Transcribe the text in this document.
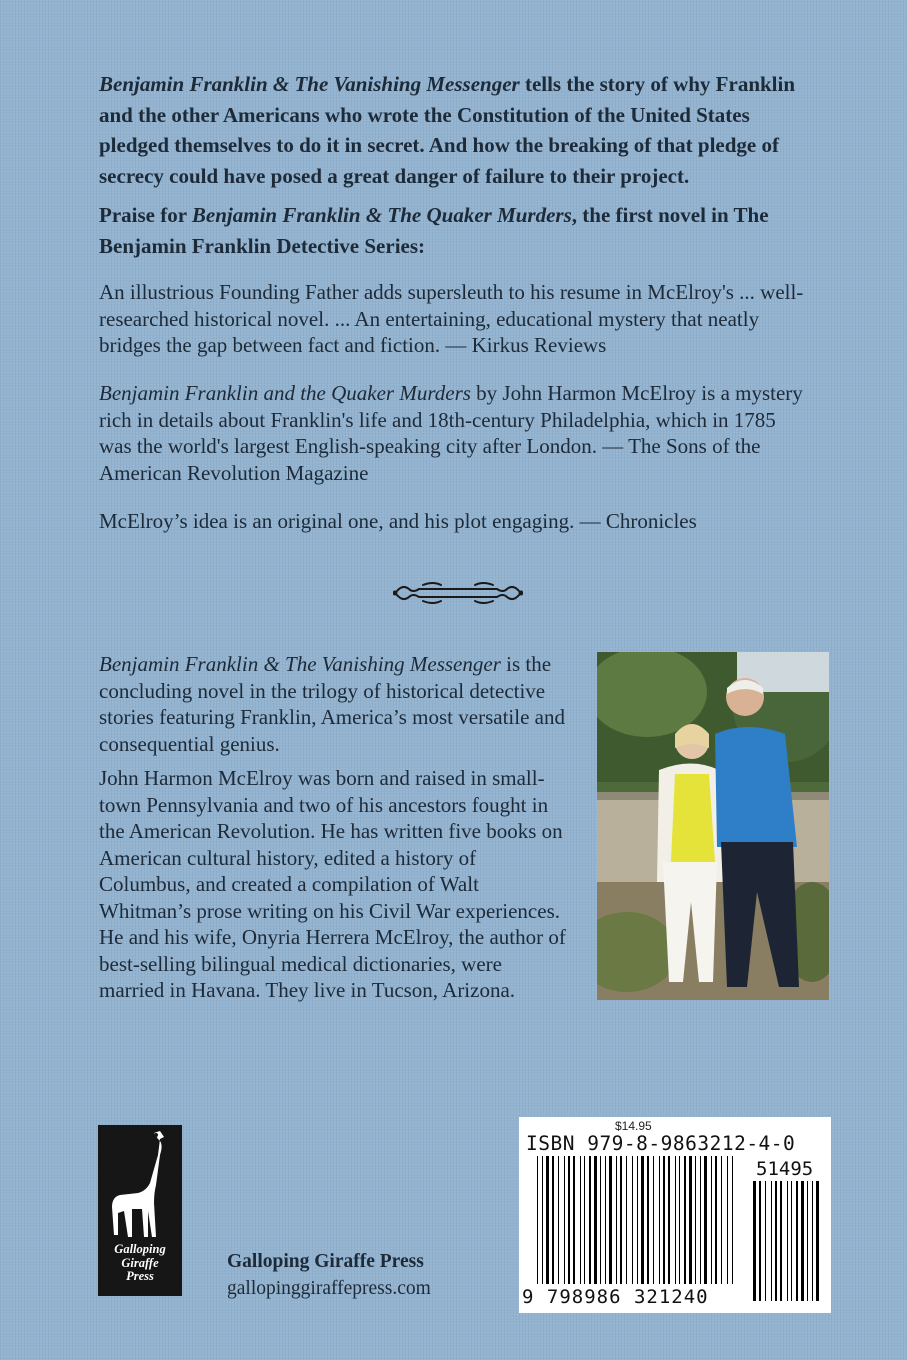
Benjamin Franklin & The Vanishing Messenger tells the story of why Franklin and the other Americans who wrote the Constitution of the United States pledged themselves to do it in secret. And how the breaking of that pledge of secrecy could have posed a great danger of failure to their project.
Praise for Benjamin Franklin & The Quaker Murders, the first novel in The Benjamin Franklin Detective Series:
An illustrious Founding Father adds supersleuth to his resume in McElroy's ... well-researched historical novel. ... An entertaining, educational mystery that neatly bridges the gap between fact and fiction. — Kirkus Reviews
Benjamin Franklin and the Quaker Murders by John Harmon McElroy is a mystery rich in details about Franklin's life and 18th-century Philadelphia, which in 1785 was the world's largest English-speaking city after London. — The Sons of the American Revolution Magazine
McElroy’s idea is an original one, and his plot engaging. — Chronicles

Benjamin Franklin & The Vanishing Messenger is the concluding novel in the trilogy of historical detective stories featuring Franklin, America’s most versatile and consequential genius.

John Harmon McElroy was born and raised in small-town Pennsylvania and two of his ancestors fought in the American Revolution. He has written five books on American cultural history, edited a history of Columbus, and created a compilation of Walt Whitman’s prose writing on his Civil War experiences. He and his wife, Onyria Herrera McElroy, the author of best-selling bilingual medical dictionaries, were married in Havana. They live in Tucson, Arizona.

Galloping
Giraffe
Press
Galloping Giraffe Press
gallopinggiraffepress.com
$14.95
ISBN 979-8-9863212-4-0
51495
9 798986 321240
